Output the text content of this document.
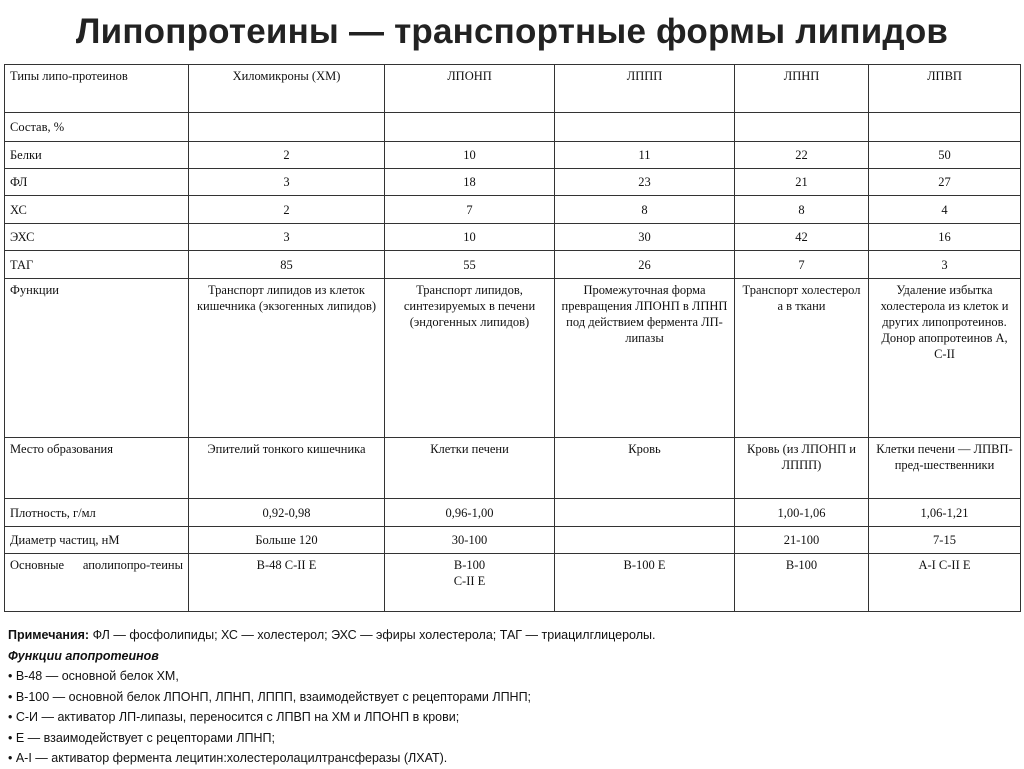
Липопротеины — транспортные формы липидов
Типы липо-протеинов	Хиломикроны (ХМ)	ЛПОНП	ЛППП	ЛПНП	ЛПВП
Состав, %					
Белки	2	10	11	22	50
ФЛ	3	18	23	21	27
ХС	2	7	8	8	4
ЭХС	3	10	30	42	16
ТАГ	85	55	26	7	3
Функции	Транспорт липидов из клеток кишечника (экзогенных липидов)	Транспорт липидов, синтезируемых в печени (эндогенных липидов)	Промежуточная форма превращения ЛПОНП в ЛПНП под действием фермента ЛП-липазы	Транспорт холестерол а в ткани	Удаление избытка холестерола из клеток и других липопротеинов. Донор апопротеинов А, С-II
Место образования	Эпителий тонкого кишечника	Клетки печени	Кровь	Кровь (из ЛПОНП и ЛППП)	Клетки печени — ЛПВП-пред-шественники
Плотность, г/мл	0,92-0,98	0,96-1,00		1,00-1,06	1,06-1,21
Диаметр частиц, нМ	Больше 120	30-100		21-100	7-15
Основные аполипопро-теины	В-48 С-II Е	В-100 С-II Е	В-100 Е	В-100	А-I С-II Е
Примечания: ФЛ — фосфолипиды; ХС — холестерол; ЭХС — эфиры холестерола; ТАГ — триацилглицеролы.
Функции апопротеинов
• В-48 — основной белок ХМ,
• В-100 — основной белок ЛПОНП, ЛПНП, ЛППП, взаимодействует с рецепторами ЛПНП;
• С-И — активатор ЛП-липазы, переносится с ЛПВП на ХМ и ЛПОНП в крови;
• Е — взаимодействует с рецепторами ЛПНП;
• А-I — активатор фермента лецитин:холестеролацилтрансферазы (ЛХАТ).
